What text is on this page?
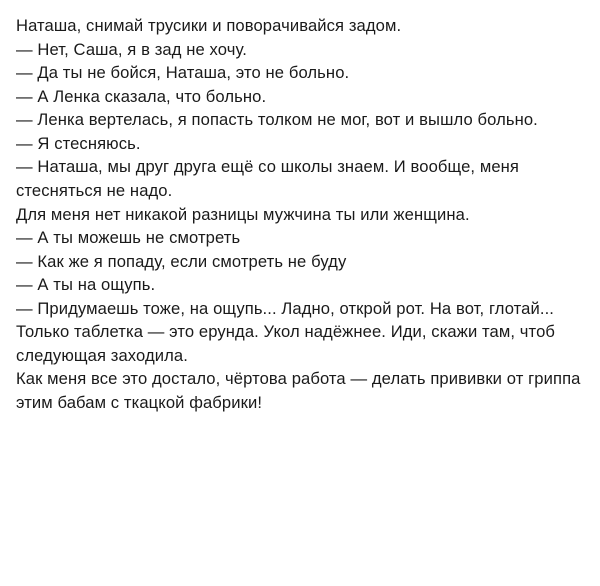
Наташа, снимай трусики и поворачивайся задом.

— Нет, Саша, я в зад не хочу.

— Да ты не бойся, Наташа, это не больно.

— А Ленка сказала, что больно.

— Ленка вертелась, я попасть толком не мог, вот и вышло больно.

— Я стесняюсь.

— Наташа, мы друг друга ещё со школы знаем. И вообще, меня стесняться не надо.

Для меня нет никакой разницы мужчина ты или женщина.

— А ты можешь не смотреть

— Как же я попаду, если смотреть не буду

— А ты на ощупь.

— Придумаешь тоже, на ощупь... Ладно, открой рот. На вот, глотай... Только таблетка — это ерунда. Укол надёжнее. Иди, скажи там, чтоб следующая заходила.

Как меня все это достало, чёртова работа — делать прививки от гриппа этим бабам с ткацкой фабрики!
